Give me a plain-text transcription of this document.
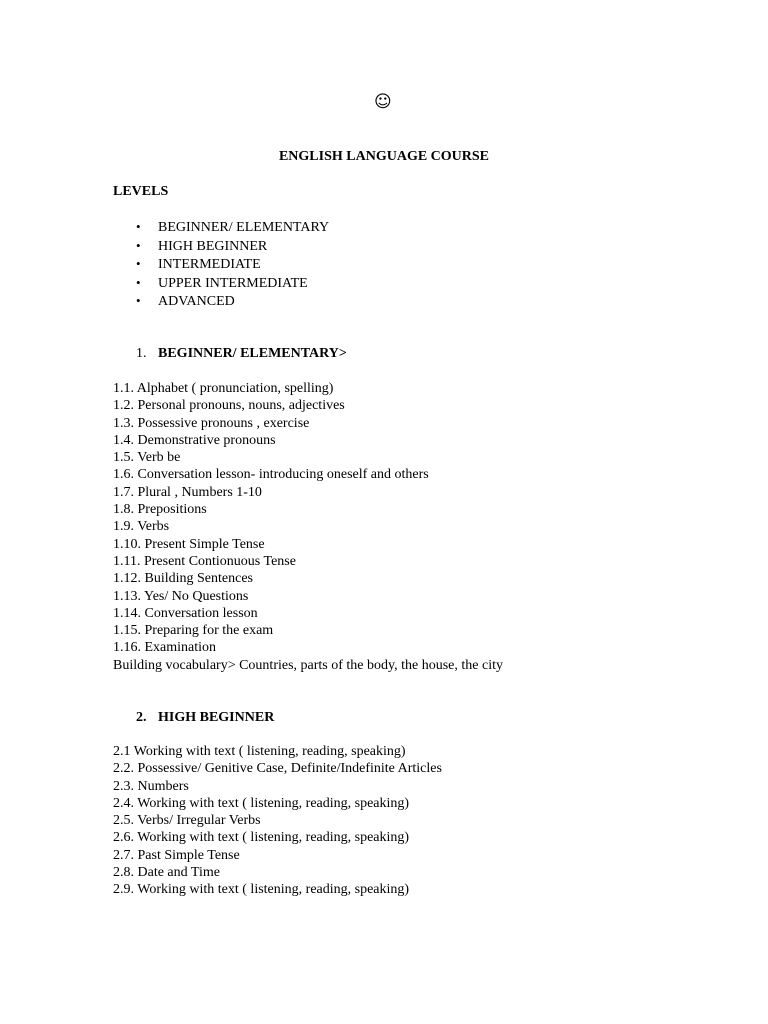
☺
ENGLISH LANGUAGE COURSE
LEVELS
• BEGINNER/ ELEMENTARY
• HIGH BEGINNER
• INTERMEDIATE
• UPPER INTERMEDIATE
• ADVANCED
1. BEGINNER/ ELEMENTARY>
1.1. Alphabet ( pronunciation, spelling)
1.2. Personal pronouns, nouns, adjectives
1.3. Possessive pronouns , exercise
1.4. Demonstrative pronouns
1.5. Verb be
1.6. Conversation lesson- introducing oneself and others
1.7. Plural , Numbers 1-10
1.8. Prepositions
1.9. Verbs
1.10. Present Simple Tense
1.11. Present Contionuous Tense
1.12. Building Sentences
1.13. Yes/ No Questions
1.14. Conversation lesson
1.15. Preparing for the exam
1.16. Examination
Building vocabulary> Countries, parts of the body, the house, the city
2. HIGH BEGINNER
2.1 Working with text ( listening, reading, speaking)
2.2. Possessive/ Genitive Case, Definite/Indefinite Articles
2.3. Numbers
2.4. Working with text ( listening, reading, speaking)
2.5. Verbs/ Irregular Verbs
2.6. Working with text ( listening, reading, speaking)
2.7. Past Simple Tense
2.8. Date and Time
2.9. Working with text ( listening, reading, speaking)
